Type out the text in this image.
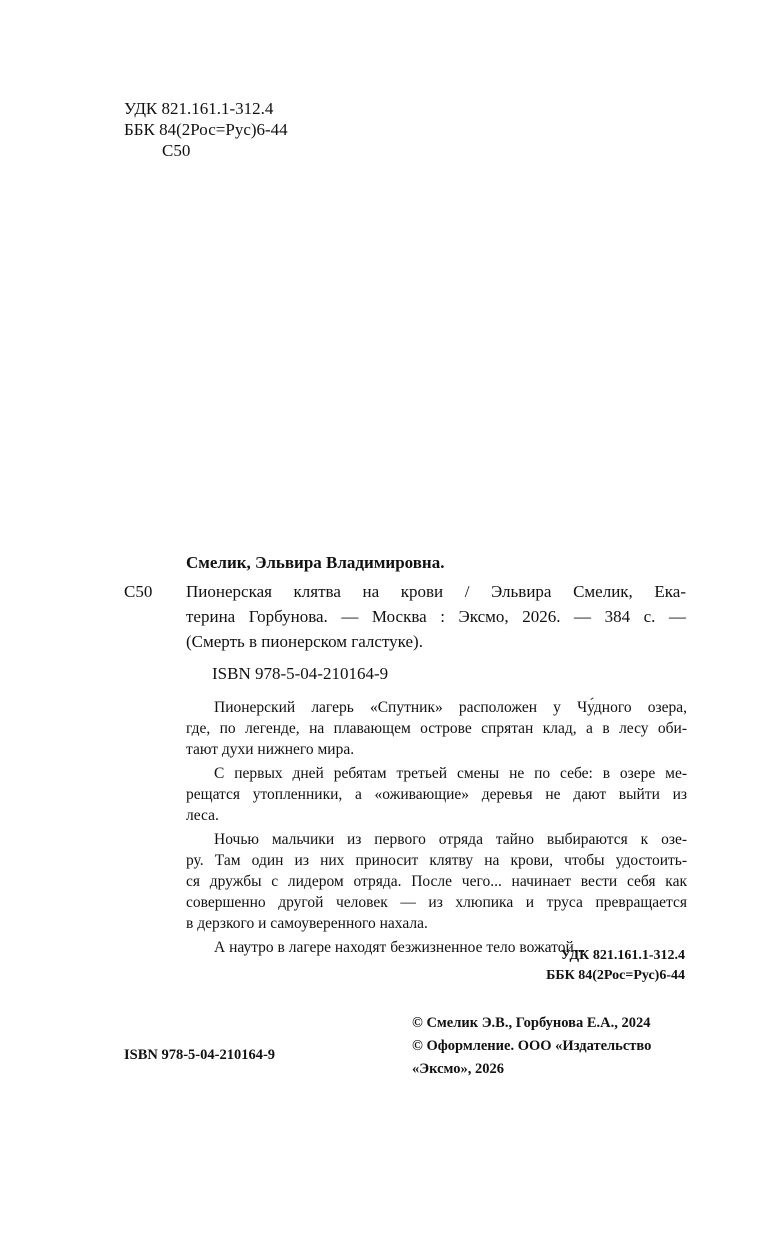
УДК 821.161.1-312.4
ББК 84(2Рос=Рус)6-44
С50
Смелик, Эльвира Владимировна.
С50 Пионерская клятва на крови / Эльвира Смелик, Ека-
терина Горбунова. — Москва : Эксмо, 2026. — 384 с. —
(Смерть в пионерском галстуке).
ISBN 978-5-04-210164-9
Пионерский лагерь «Спутник» расположен у Чу́дного озера,
где, по легенде, на плавающем острове спрятан клад, а в лесу оби-
тают духи нижнего мира.
С первых дней ребятам третьей смены не по себе: в озере ме-
рещатся утопленники, а «оживающие» деревья не дают выйти из
леса.
Ночью мальчики из первого отряда тайно выбираются к озе-
ру. Там один из них приносит клятву на крови, чтобы удостоить-
ся дружбы с лидером отряда. После чего... начинает вести себя как
совершенно другой человек — из хлюпика и труса превращается
в дерзкого и самоуверенного нахала.
А наутро в лагере находят безжизненное тело вожатой...
УДК 821.161.1-312.4
ББК 84(2Рос=Рус)6-44
© Смелик Э.В., Горбунова Е.А., 2024
© Оформление. ООО «Издательство
«Эксмо», 2026
ISBN 978-5-04-210164-9
